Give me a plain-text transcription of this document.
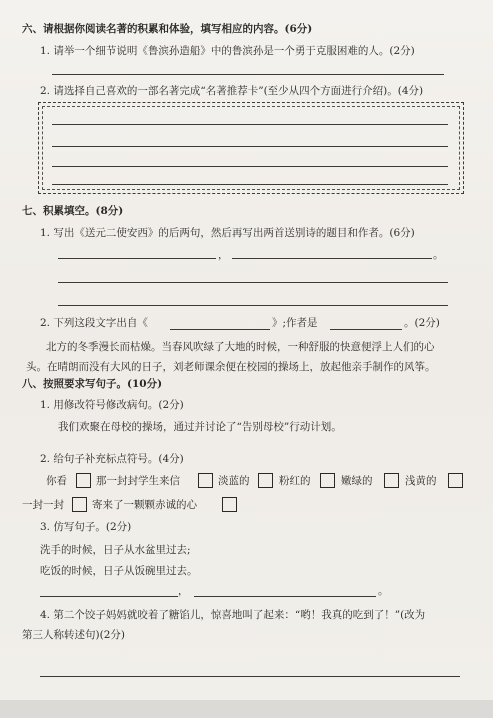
六、请根据你阅读名著的积累和体验，填写相应的内容。(6分)
1. 请举一个细节说明《鲁滨孙造船》中的鲁滨孙是一个勇于克服困难的人。(2分)
2. 请选择自己喜欢的一部名著完成“名著推荐卡”(至少从四个方面进行介绍)。(4分)
七、积累填空。(8分)
1. 写出《送元二使安西》的后两句，然后再写出两首送别诗的题目和作者。(6分)
，	。
2. 下列这段文字出自《	》;作者是	。(2分)
北方的冬季漫长而枯燥。当春风吹绿了大地的时候，一种舒服的快意便浮上人们的心
头。在晴朗而没有大风的日子，刘老师课余便在校园的操场上，放起他亲手制作的风筝。
八、按照要求写句子。(10分)
1. 用修改符号修改病句。(2分)
我们欢聚在母校的操场，通过并讨论了“告别母校”行动计划。
2. 给句子补充标点符号。(4分)
你看	那一封封学生来信	淡蓝的	粉红的	嫩绿的	浅黄的
一封一封	寄来了一颗颗赤诚的心
3. 仿写句子。(2分)
洗手的时候，日子从水盆里过去;
吃饭的时候，日子从饭碗里过去。
，	。
4. 第二个饺子妈妈就咬着了糖馅儿，惊喜地叫了起来：“哟！我真的吃到了！”(改为
第三人称转述句)(2分)
